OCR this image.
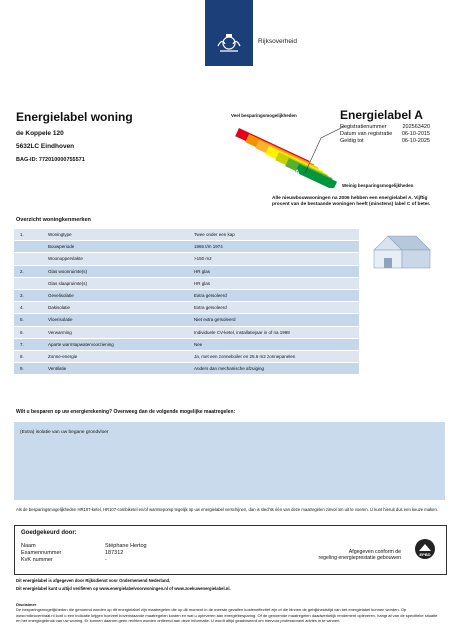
Rijksoverheid
Energielabel woning
de Koppele 120
5632LC Eindhoven
BAG-ID: 772010000755571
Energielabel A
Registratienummer	202563420
Datum van registratie 06-10-2015
Geldig tot	06-10-2025
Veel besparingsmogelijkheden
A
Weinig besparingsmogelijkheden
Alle nieuwbouwwoningen na 2006 hebben een energielabel A. Vijftig procent van de bestaande woningen heeft (minstens) label C of beter.
Overzicht woningkenmerken
1.	Woningtype	Twee onder een kap
	Bouwperiode	1965 t/m 1974
	Woonoppervlakte	>150 m2
2.	Glas woonruimte(s)	HR glas
	Glas slaapruimte(s)	HR glas
3.	Gevelisolatie	Extra geïsoleerd
4.	Dakisolatie	Extra geïsoleerd
5.	Vloerisolatie	Niet extra geïsoleerd
6.	Verwarming	Individuele CV-ketel, installatiejaar in of na 1998
7.	Aparte warmtapwatervoorziening	Nee
8.	Zonne-energie	Ja, met een zonneboiler en 25.6 m2 zonnepanelen
9.	Ventilatie	Anders dan mechanische afzuiging
Wilt u besparen op uw energierekening? Overweeg dan de volgende mogelijke maatregelen:
(Extra) isolatie van uw begane grondvloer
Als de besparingsmogelijkheden HR107-ketel, HR107-combiketel en/of warmtepomp tegelijk op uw energielabel verschijnen, dan is slechts één van deze maatregelen zinvol om uit te voeren. U kunt hieruit dus een keuze maken.
Goedgekeurd door:
Naam	Stéphane Hertog
Examennummer	187312
KvK nummer	-
Afgegeven conform de
regeling energieprestatie gebouwen
EPBD
Dit energielabel is afgegeven door Rijksdienst voor Ondernemend Nederland.
Dit energielabel kunt u altijd verifiëren op www.energielabelvoorwoningen.nl of www.zoekuwenergielabel.nl.
Disclaimer
De besparingsmogelijkheden die genoemd worden op dit energielabel zijn maatregelen die op dit moment in de meeste gevallen kosteneffectief zijn of die binnen de gebijkheidstijd van het energielabel kunnen worden. Op www.milieucentraal.nl kunt u een indicatie krijgen hoeveel bovenstaande maatregelen kosten en wat u opleveren aan energiebesparing. Of de genoemde maatregelen daadwerkelijk rendement opleveren, hangt af van de specifieke situatie en het energiegebruik van uw woning. Er kunnen daarom geen rechten worden ontleend aan deze informatie. U wordt altijd geadviseerd om hiervoor professioneel advies in te winnen.
